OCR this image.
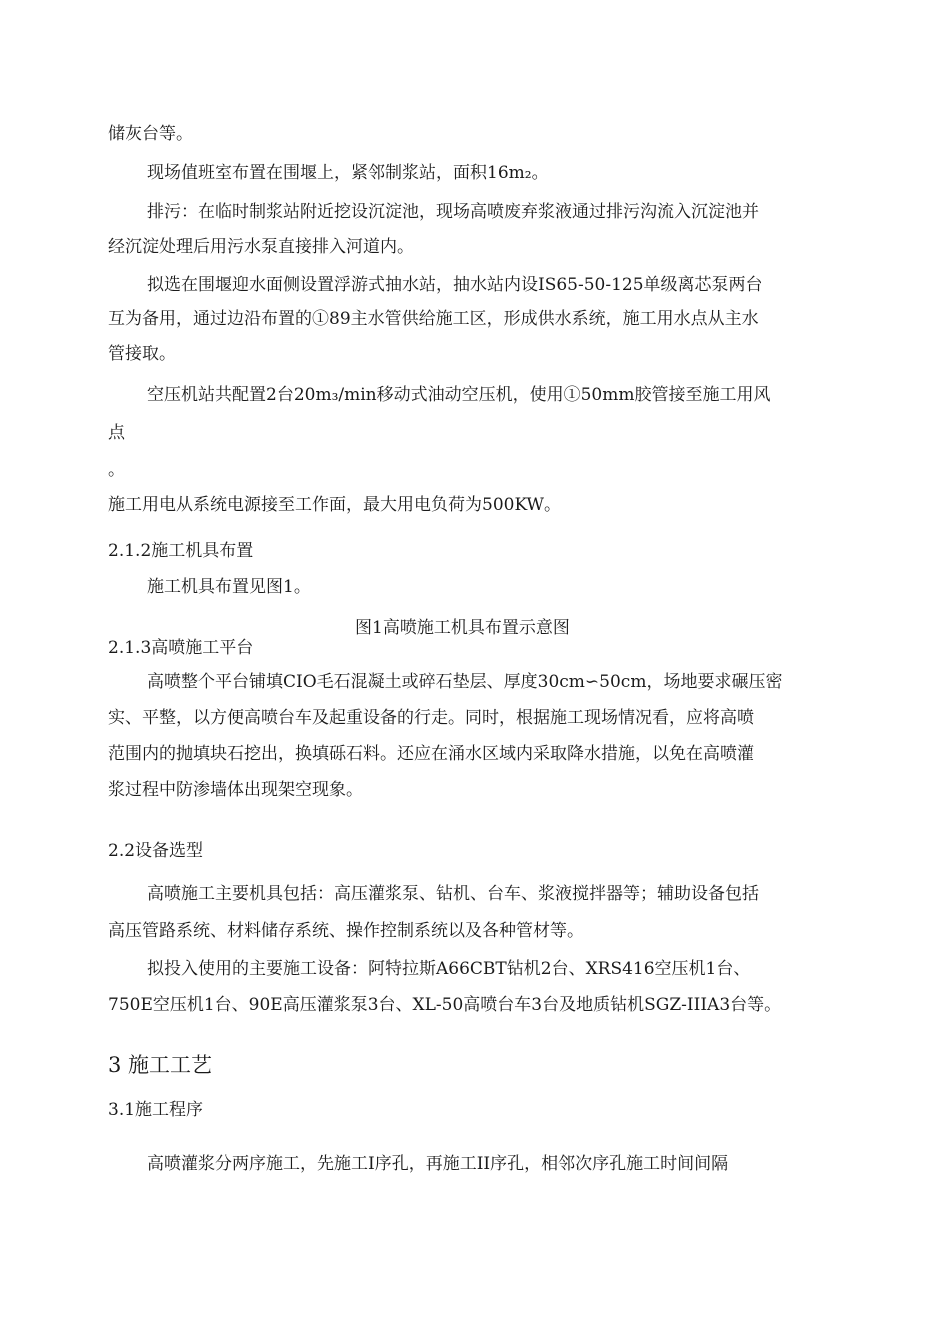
储灰台等。
现场值班室布置在围堰上，紧邻制浆站，面积16m₂。
排污：在临时制浆站附近挖设沉淀池，现场高喷废弃浆液通过排污沟流入沉淀池并
经沉淀处理后用污水泵直接排入河道内。
拟选在围堰迎水面侧设置浮游式抽水站，抽水站内设IS65-50-125单级离芯泵两台
互为备用，通过边沿布置的①89主水管供给施工区，形成供水系统，施工用水点从主水
管接取。
空压机站共配置2台20m₃/min移动式油动空压机，使用①50mm胶管接至施工用风
点
。
施工用电从系统电源接至工作面，最大用电负荷为500KW。
2.1.2施工机具布置
施工机具布置见图1。
图1高喷施工机具布置示意图
2.1.3高喷施工平台
高喷整个平台铺填CIO毛石混凝土或碎石垫层、厚度30cm∽50cm，场地要求碾压密
实、平整，以方便高喷台车及起重设备的行走。同时，根据施工现场情况看，应将高喷
范围内的抛填块石挖出，换填砾石料。还应在涌水区域内采取降水措施，以免在高喷灌
浆过程中防渗墙体出现架空现象。
2.2设备选型
高喷施工主要机具包括：高压灌浆泵、钻机、台车、浆液搅拌器等；辅助设备包括
高压管路系统、材料储存系统、操作控制系统以及各种管材等。
拟投入使用的主要施工设备：阿特拉斯A66CBT钻机2台、XRS416空压机1台、
750E空压机1台、90E高压灌浆泵3台、XL-50高喷台车3台及地质钻机SGZ-IIIA3台等。
3 施工工艺
3.1施工程序
高喷灌浆分两序施工，先施工I序孔，再施工II序孔，相邻次序孔施工时间间隔
